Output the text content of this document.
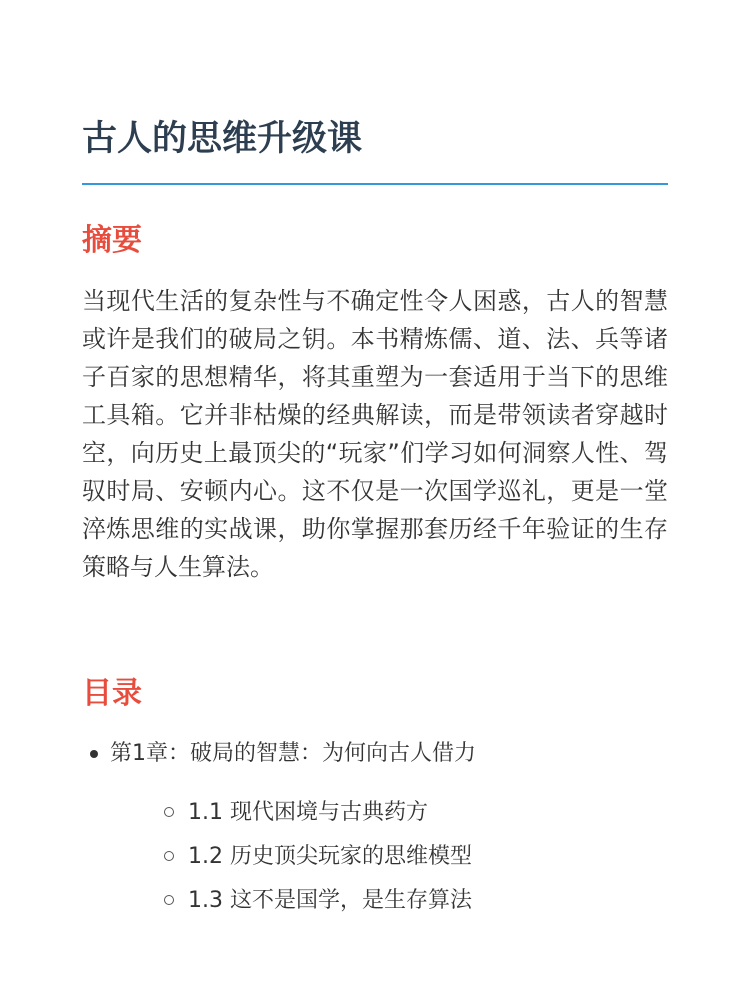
古人的思维升级课
摘要

当现代生活的复杂性与不确定性令人困惑，古人的智慧或许是我们的破局之钥。本书精炼儒、道、法、兵等诸子百家的思想精华，将其重塑为一套适用于当下的思维工具箱。它并非枯燥的经典解读，而是带领读者穿越时空，向历史上最顶尖的“玩家”们学习如何洞察人性、驾驭时局、安顿内心。这不仅是一次国学巡礼，更是一堂淬炼思维的实战课，助你掌握那套历经千年验证的生存策略与人生算法。

目录
第1章：破局的智慧：为何向古人借力
1.1 现代困境与古典药方
1.2 历史顶尖玩家的思维模型
1.3 这不是国学，是生存算法
